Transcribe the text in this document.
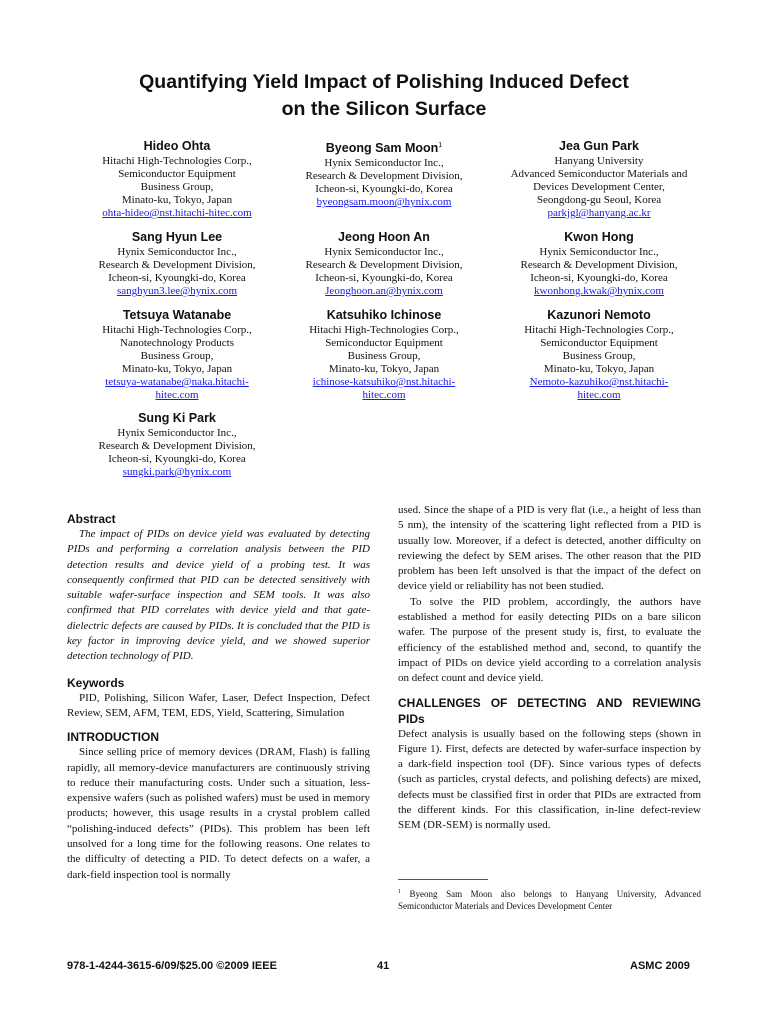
Quantifying Yield Impact of Polishing Induced Defect
on the Silicon Surface
Hideo Ohta
Hitachi High-Technologies Corp.,
Semiconductor Equipment
Business Group,
Minato-ku, Tokyo, Japan
ohta-hideo@nst.hitachi-hitec.com
Byeong Sam Moon$^1$
Hynix Semiconductor Inc.,
Research & Development Division,
Icheon-si, Kyoungki-do, Korea
byeongsam.moon@hynix.com
Jea Gun Park
Hanyang University
Advanced Semiconductor Materials and
Devices Development Center,
Seongdong-gu Seoul, Korea
parkjgl@hanyang.ac.kr
Sang Hyun Lee
Hynix Semiconductor Inc.,
Research & Development Division,
Icheon-si, Kyoungki-do, Korea
sanghyun3.lee@hynix.com
Jeong Hoon An
Hynix Semiconductor Inc.,
Research & Development Division,
Icheon-si, Kyoungki-do, Korea
Jeonghoon.an@hynix.com
Kwon Hong
Hynix Semiconductor Inc.,
Research & Development Division,
Icheon-si, Kyoungki-do, Korea
kwonhong.kwak@hynix.com
Tetsuya Watanabe
Hitachi High-Technologies Corp.,
Nanotechnology Products
Business Group,
Minato-ku, Tokyo, Japan
tetsuya-watanabe@naka.hitachi-
hitec.com
Katsuhiko Ichinose
Hitachi High-Technologies Corp.,
Semiconductor Equipment
Business Group,
Minato-ku, Tokyo, Japan
ichinose-katsuhiko@nst.hitachi-
hitec.com
Kazunori Nemoto
Hitachi High-Technologies Corp.,
Semiconductor Equipment
Business Group,
Minato-ku, Tokyo, Japan
Nemoto-kazuhiko@nst.hitachi-
hitec.com
Sung Ki Park
Hynix Semiconductor Inc.,
Research & Development Division,
Icheon-si, Kyoungki-do, Korea
sungki.park@hynix.com

Abstract

The impact of PIDs on device yield was evaluated by detecting PIDs and performing a correlation analysis between the PID detection results and device yield of a probing test. It was consequently confirmed that PID can be detected sensitively with suitable wafer-surface inspection and SEM tools. It was also confirmed that PID correlates with device yield and that gate-dielectric defects are caused by PIDs. It is concluded that the PID is key factor in improving device yield, and we showed superior detection technology of PID.

Keywords

PID, Polishing, Silicon Wafer, Laser, Defect Inspection, Defect Review, SEM, AFM, TEM, EDS, Yield, Scattering, Simulation

INTRODUCTION

Since selling price of memory devices (DRAM, Flash) is falling rapidly, all memory-device manufacturers are continuously striving to reduce their manufacturing costs. Under such a situation, less-expensive wafers (such as polished wafers) must be used in memory products; however, this usage results in a crystal problem called “polishing-induced defects” (PIDs). This problem has been left unsolved for a long time for the following reasons. One relates to the difficulty of detecting a PID. To detect defects on a wafer, a dark-field inspection tool is normally

used. Since the shape of a PID is very flat (i.e., a height of less than 5 nm), the intensity of the scattering light reflected from a PID is usually low. Moreover, if a defect is detected, another difficulty on reviewing the defect by SEM arises. The other reason that the PID problem has been left unsolved is that the impact of the defect on device yield or reliability has not been studied.

To solve the PID problem, accordingly, the authors have established a method for easily detecting PIDs on a bare silicon wafer. The purpose of the present study is, first, to evaluate the efficiency of the established method and, second, to quantify the impact of PIDs on device yield according to a correlation analysis on defect count and device yield.

CHALLENGES OF DETECTING AND REVIEWING PIDs

Defect analysis is usually based on the following steps (shown in Figure 1). First, defects are detected by wafer-surface inspection by a dark-field inspection tool (DF). Since various types of defects (such as particles, crystal defects, and polishing defects) are mixed, defects must be classified first in order that PIDs are extracted from the different kinds. For this classification, in-line defect-review SEM (DR-SEM) is normally used.

$^1$ Byeong Sam Moon also belongs to Hanyang University, Advanced Semiconductor Materials and Devices Development Center
978-1-4244-3615-6/09/$25.00 ©2009 IEEE	41	ASMC 2009
